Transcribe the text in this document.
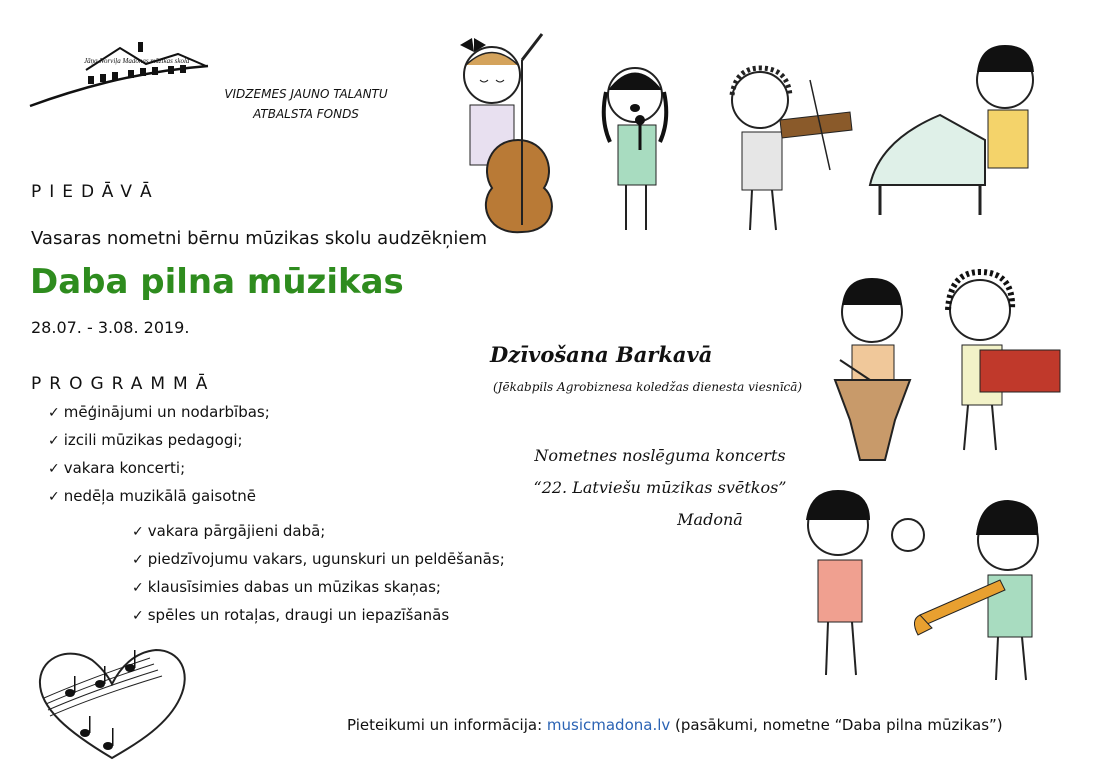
Jāņa Norviļa Madonas mūzikas skola
VIDZEMES JAUNO TALANTU
ATBALSTA FONDS
PIEDĀVĀ
Vasaras nometni bērnu mūzikas skolu audzēkņiem
Daba pilna mūzikas
28.07. - 3.08. 2019.
PROGRAMMĀ
✓ mēģinājumi un nodarbības;
✓ izcili mūzikas pedagogi;
✓ vakara koncerti;
✓ nedēļa muzikālā gaisotnē
✓ vakara pārgājieni dabā;
✓ piedzīvojumu vakars, ugunskuri un peldēšanās;
✓ klausīsimies dabas un mūzikas skaņas;
✓ spēles un rotaļas, draugi un iepazīšanās
Dzīvošana Barkavā
(Jēkabpils Agrobiznesa koledžas dienesta viesnīcā)
Nometnes noslēguma koncerts
“22. Latviešu mūzikas svētkos”
Madonā
Pieteikumi un informācija: musicmadona.lv (pasākumi, nometne “Daba pilna mūzikas”)
